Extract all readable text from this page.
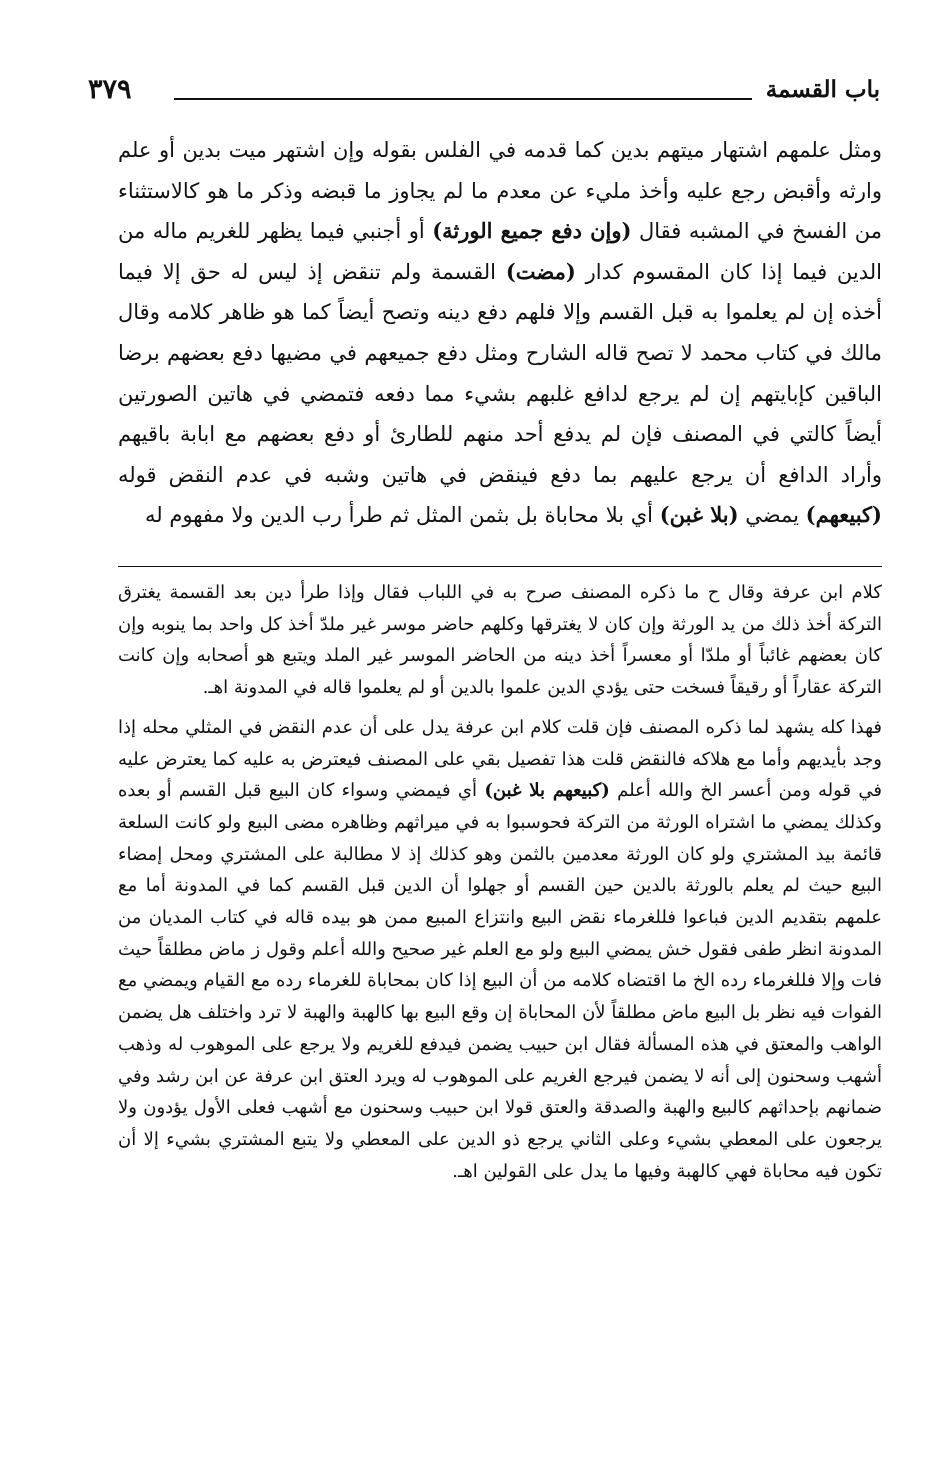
٣٧٩	باب القسمة

ومثل علمهم اشتهار ميتهم بدين كما قدمه في الفلس بقوله وإن اشتهر ميت بدين أو علم وارثه وأقبض رجع عليه وأخذ مليء عن معدم ما لم يجاوز ما قبضه وذكر ما هو كالاستثناء من الفسخ في المشبه فقال (وإن دفع جميع الورثة) أو أجنبي فيما يظهر للغريم ماله من الدين فيما إذا كان المقسوم كدار (مضت) القسمة ولم تنقض إذ ليس له حق إلا فيما أخذه إن لم يعلموا به قبل القسم وإلا فلهم دفع دينه وتصح أيضاً كما هو ظاهر كلامه وقال مالك في كتاب محمد لا تصح قاله الشارح ومثل دفع جميعهم في مضيها دفع بعضهم برضا الباقين كإبايتهم إن لم يرجع لدافع غلبهم بشيء مما دفعه فتمضي في هاتين الصورتين أيضاً كالتي في المصنف فإن لم يدفع أحد منهم للطارئ أو دفع بعضهم مع ابابة باقيهم وأراد الدافع أن يرجع عليهم بما دفع فينقض في هاتين وشبه في عدم النقض قوله (كبيعهم) يمضي (بلا غبن) أي بلا محاباة بل بثمن المثل ثم طرأ رب الدين ولا مفهوم له

كلام ابن عرفة وقال ح ما ذكره المصنف صرح به في اللباب فقال وإذا طرأ دين بعد القسمة يغترق التركة أخذ ذلك من يد الورثة وإن كان لا يغترقها وكلهم حاضر موسر غير ملدّ أخذ كل واحد بما ينوبه وإن كان بعضهم غائباً أو ملدّا أو معسراً أخذ دينه من الحاضر الموسر غير الملد ويتبع هو أصحابه وإن كانت التركة عقاراً أو رقيقاً فسخت حتى يؤدي الدين علموا بالدين أو لم يعلموا قاله في المدونة اهـ.

فهذا كله يشهد لما ذكره المصنف فإن قلت كلام ابن عرفة يدل على أن عدم النقض في المثلي محله إذا وجد بأيديهم وأما مع هلاكه فالنقض قلت هذا تفصيل بقي على المصنف فيعترض به عليه كما يعترض عليه في قوله ومن أعسر الخ والله أعلم (كبيعهم بلا غبن) أي فيمضي وسواء كان البيع قبل القسم أو بعده وكذلك يمضي ما اشتراه الورثة من التركة فحوسبوا به في ميراثهم وظاهره مضى البيع ولو كانت السلعة قائمة بيد المشتري ولو كان الورثة معدمين بالثمن وهو كذلك إذ لا مطالبة على المشتري ومحل إمضاء البيع حيث لم يعلم بالورثة بالدين حين القسم أو جهلوا أن الدين قبل القسم كما في المدونة أما مع علمهم بتقديم الدين فباعوا فللغرماء نقض البيع وانتزاع المبيع ممن هو بيده قاله في كتاب المديان من المدونة انظر طفى فقول خش يمضي البيع ولو مع العلم غير صحيح والله أعلم وقول ز ماض مطلقاً حيث فات وإلا فللغرماء رده الخ ما اقتضاه كلامه من أن البيع إذا كان بمحاباة للغرماء رده مع القيام ويمضي مع الفوات فيه نظر بل البيع ماض مطلقاً لأن المحاباة إن وقع البيع بها كالهبة والهبة لا ترد واختلف هل يضمن الواهب والمعتق في هذه المسألة فقال ابن حبيب يضمن فيدفع للغريم ولا يرجع على الموهوب له وذهب أشهب وسحنون إلى أنه لا يضمن فيرجع الغريم على الموهوب له ويرد العتق ابن عرفة عن ابن رشد وفي ضمانهم بإحداثهم كالبيع والهبة والصدقة والعتق قولا ابن حبيب وسحنون مع أشهب فعلى الأول يؤدون ولا يرجعون على المعطي بشيء وعلى الثاني يرجع ذو الدين على المعطي ولا يتبع المشتري بشيء إلا أن تكون فيه محاباة فهي كالهبة وفيها ما يدل على القولين اهـ.
